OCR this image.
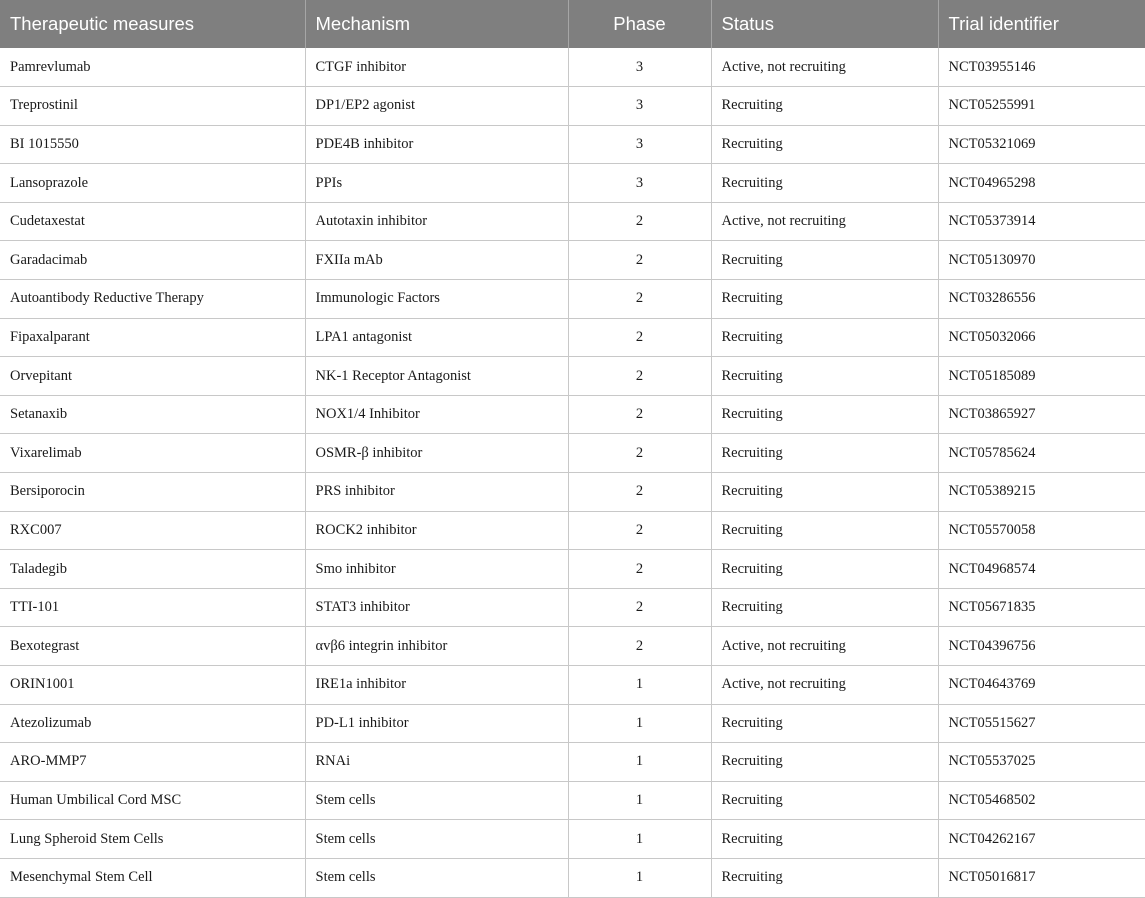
Therapeutic measures	Mechanism	Phase	Status	Trial identifier
Pamrevlumab	CTGF inhibitor	3	Active, not recruiting	NCT03955146
Treprostinil	DP1/EP2 agonist	3	Recruiting	NCT05255991
BI 1015550	PDE4B inhibitor	3	Recruiting	NCT05321069
Lansoprazole	PPIs	3	Recruiting	NCT04965298
Cudetaxestat	Autotaxin inhibitor	2	Active, not recruiting	NCT05373914
Garadacimab	FXIIa mAb	2	Recruiting	NCT05130970
Autoantibody Reductive Therapy	Immunologic Factors	2	Recruiting	NCT03286556
Fipaxalparant	LPA1 antagonist	2	Recruiting	NCT05032066
Orvepitant	NK-1 Receptor Antagonist	2	Recruiting	NCT05185089
Setanaxib	NOX1/4 Inhibitor	2	Recruiting	NCT03865927
Vixarelimab	OSMR-β inhibitor	2	Recruiting	NCT05785624
Bersiporocin	PRS inhibitor	2	Recruiting	NCT05389215
RXC007	ROCK2 inhibitor	2	Recruiting	NCT05570058
Taladegib	Smo inhibitor	2	Recruiting	NCT04968574
TTI-101	STAT3 inhibitor	2	Recruiting	NCT05671835
Bexotegrast	αvβ6 integrin inhibitor	2	Active, not recruiting	NCT04396756
ORIN1001	IRE1a inhibitor	1	Active, not recruiting	NCT04643769
Atezolizumab	PD-L1 inhibitor	1	Recruiting	NCT05515627
ARO-MMP7	RNAi	1	Recruiting	NCT05537025
Human Umbilical Cord MSC	Stem cells	1	Recruiting	NCT05468502
Lung Spheroid Stem Cells	Stem cells	1	Recruiting	NCT04262167
Mesenchymal Stem Cell	Stem cells	1	Recruiting	NCT05016817
